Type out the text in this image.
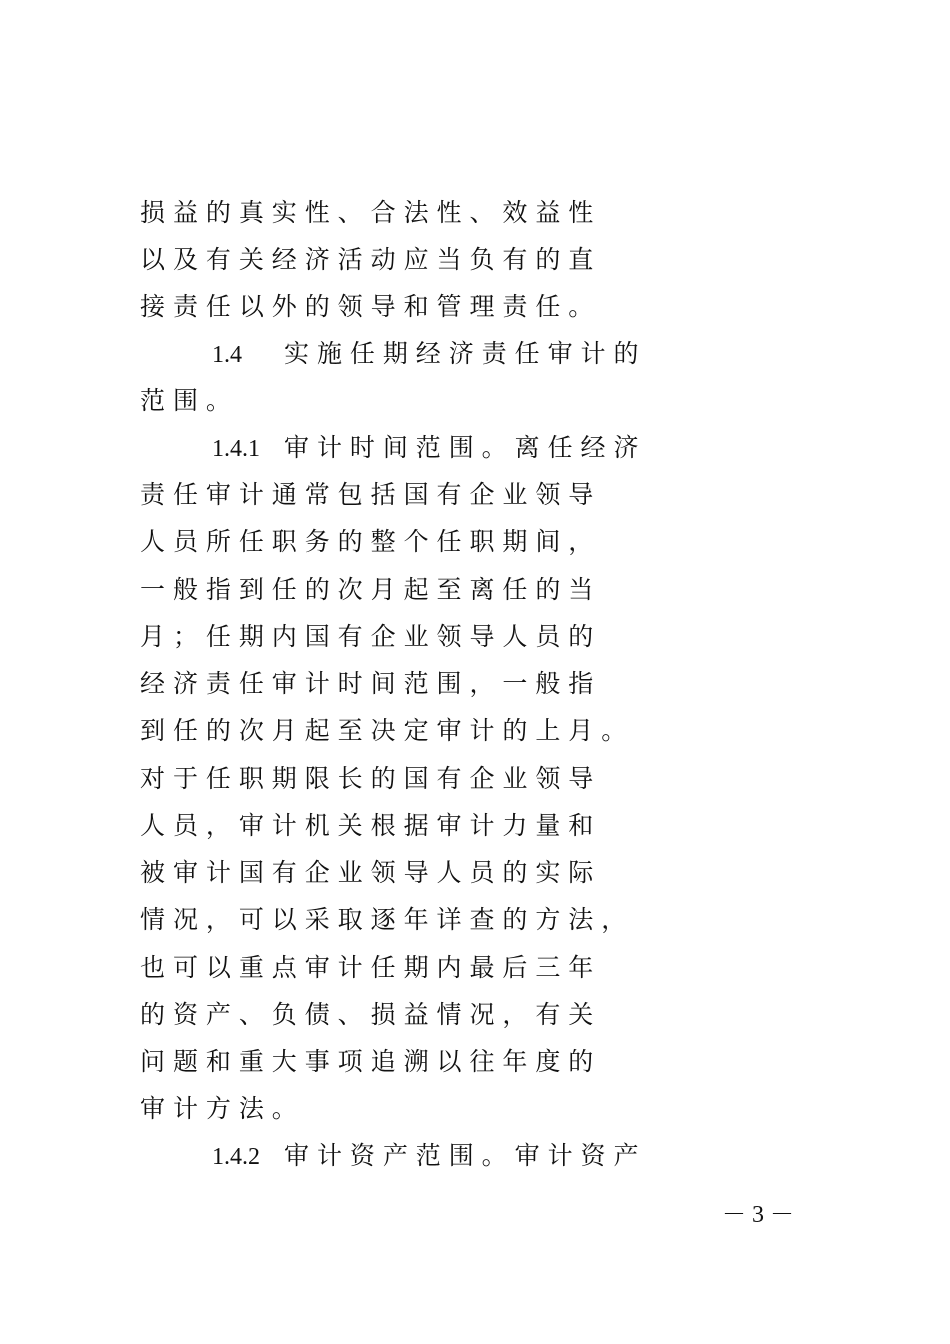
损 益 的 真 实 性 、 合 法 性 、 效 益 性
以 及 有 关 经 济 活 动 应 当 负 有 的 直
接 责 任 以 外 的 领 导 和 管 理 责 任 。
1.4 实 施 任 期 经 济 责 任 审 计 的
范 围 。
1.4.1 审 计 时 间 范 围 。 离 任 经 济
责 任 审 计 通 常 包 括 国 有 企 业 领 导
人 员 所 任 职 务 的 整 个 任 职 期 间 ，
一 般 指 到 任 的 次 月 起 至 离 任 的 当
月 ； 任 期 内 国 有 企 业 领 导 人 员 的
经 济 责 任 审 计 时 间 范 围 ， 一 般 指
到 任 的 次 月 起 至 决 定 审 计 的 上 月 。
对 于 任 职 期 限 长 的 国 有 企 业 领 导
人 员 ， 审 计 机 关 根 据 审 计 力 量 和
被 审 计 国 有 企 业 领 导 人 员 的 实 际
情 况 ， 可 以 采 取 逐 年 详 查 的 方 法 ，
也 可 以 重 点 审 计 任 期 内 最 后 三 年
的 资 产 、 负 债 、 损 益 情 况 ， 有 关
问 题 和 重 大 事 项 追 溯 以 往 年 度 的
审 计 方 法 。
1.4.2 审 计 资 产 范 围 。 审 计 资 产
－ 3 －
